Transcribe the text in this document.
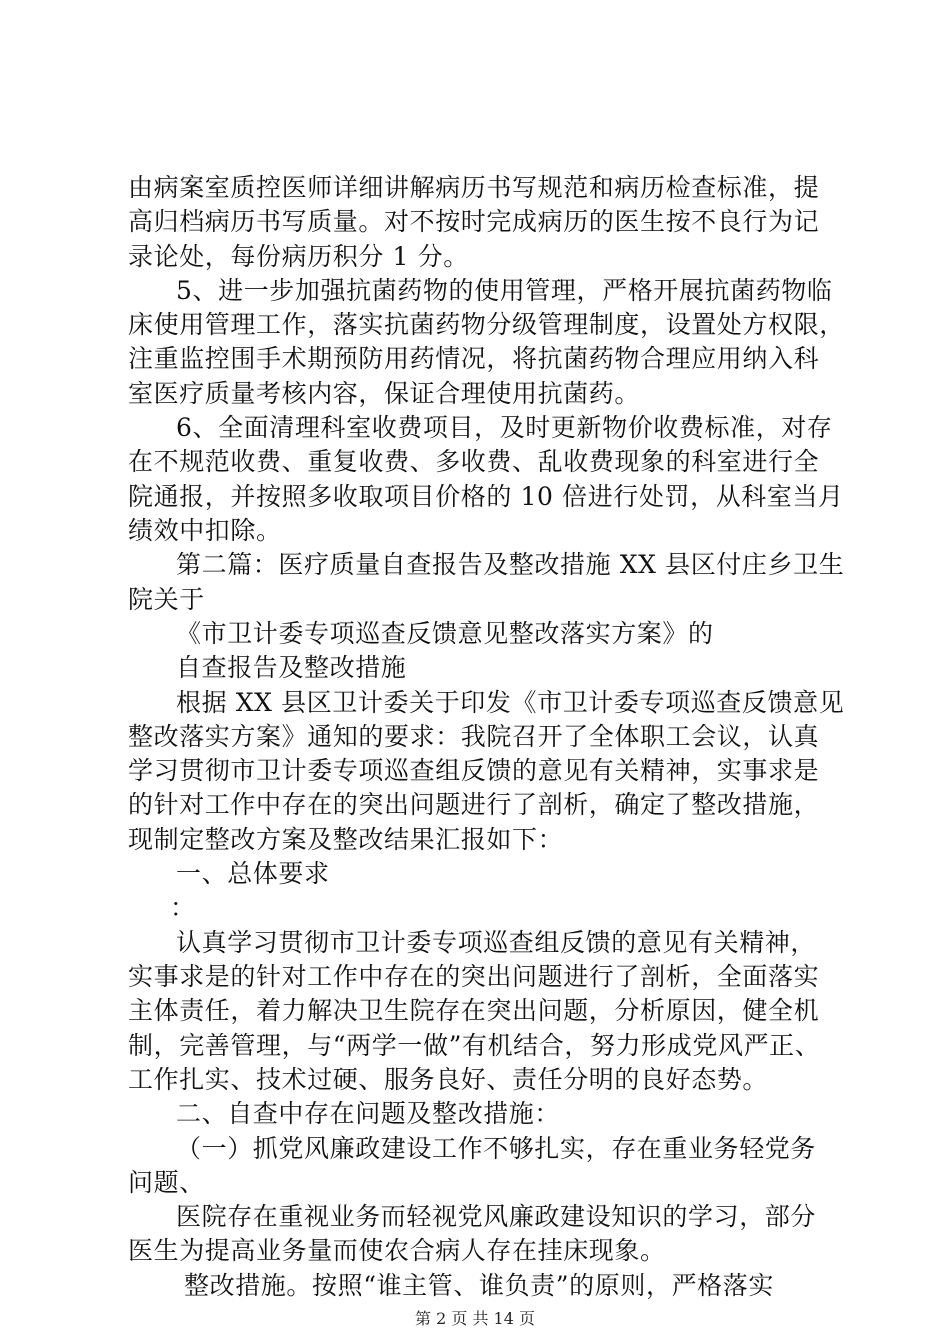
由病案室质控医师详细讲解病历书写规范和病历检查标准，提
高归档病历书写质量。对不按时完成病历的医生按不良行为记
录论处，每份病历积分 1 分。
5、进一步加强抗菌药物的使用管理，严格开展抗菌药物临
床使用管理工作，落实抗菌药物分级管理制度，设置处方权限，
注重监控围手术期预防用药情况，将抗菌药物合理应用纳入科
室医疗质量考核内容，保证合理使用抗菌药。
6、全面清理科室收费项目，及时更新物价收费标准，对存
在不规范收费、重复收费、多收费、乱收费现象的科室进行全
院通报，并按照多收取项目价格的 10 倍进行处罚，从科室当月
绩效中扣除。
第二篇：医疗质量自查报告及整改措施 XX 县区付庄乡卫生
院关于
《市卫计委专项巡查反馈意见整改落实方案》的
自查报告及整改措施
根据 XX 县区卫计委关于印发《市卫计委专项巡查反馈意见
整改落实方案》通知的要求：我院召开了全体职工会议，认真
学习贯彻市卫计委专项巡查组反馈的意见有关精神，实事求是
的针对工作中存在的突出问题进行了剖析，确定了整改措施，
现制定整改方案及整改结果汇报如下：
一、总体要求
：
认真学习贯彻市卫计委专项巡查组反馈的意见有关精神，
实事求是的针对工作中存在的突出问题进行了剖析，全面落实
主体责任，着力解决卫生院存在突出问题，分析原因，健全机
制，完善管理，与“两学一做”有机结合，努力形成党风严正、
工作扎实、技术过硬、服务良好、责任分明的良好态势。
二、自查中存在问题及整改措施：
（一）抓党风廉政建设工作不够扎实，存在重业务轻党务
问题、
医院存在重视业务而轻视党风廉政建设知识的学习，部分
医生为提高业务量而使农合病人存在挂床现象。
整改措施。按照“谁主管、谁负责”的原则，严格落实
第 2 页 共 14 页
